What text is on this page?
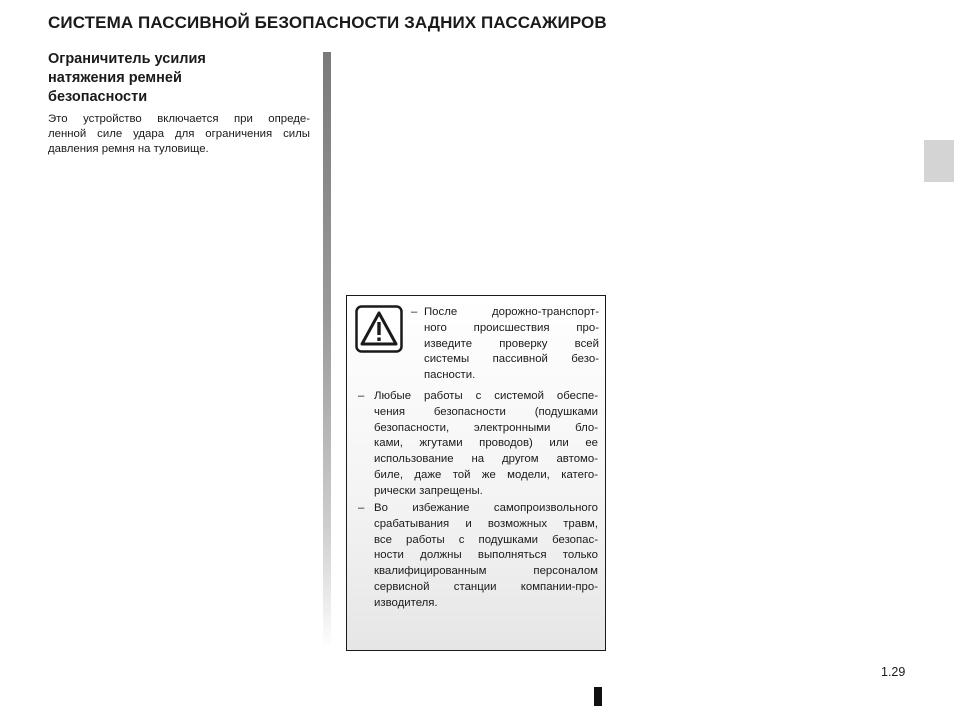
СИСТЕМА ПАССИВНОЙ БЕЗОПАСНОСТИ ЗАДНИХ ПАССАЖИРОВ
Ограничитель усилия
натяжения ремней
безопасности
Это устройство включается при опреде-
ленной силе удара для ограничения силы
давления ремня на туловище.
– После дорожно-транспорт-
ного происшествия про-
изведите проверку всей
системы пассивной безо-
пасности.
– Любые работы с системой обеспе-
чения безопасности (подушками
безопасности, электронными бло-
ками, жгутами проводов) или ее
использование на другом автомо-
биле, даже той же модели, катего-
рически запрещены.
– Во избежание самопроизвольного
срабатывания и возможных травм,
все работы с подушками безопас-
ности должны выполняться только
квалифицированным персоналом
сервисной станции компании-про-
изводителя.
1.29
